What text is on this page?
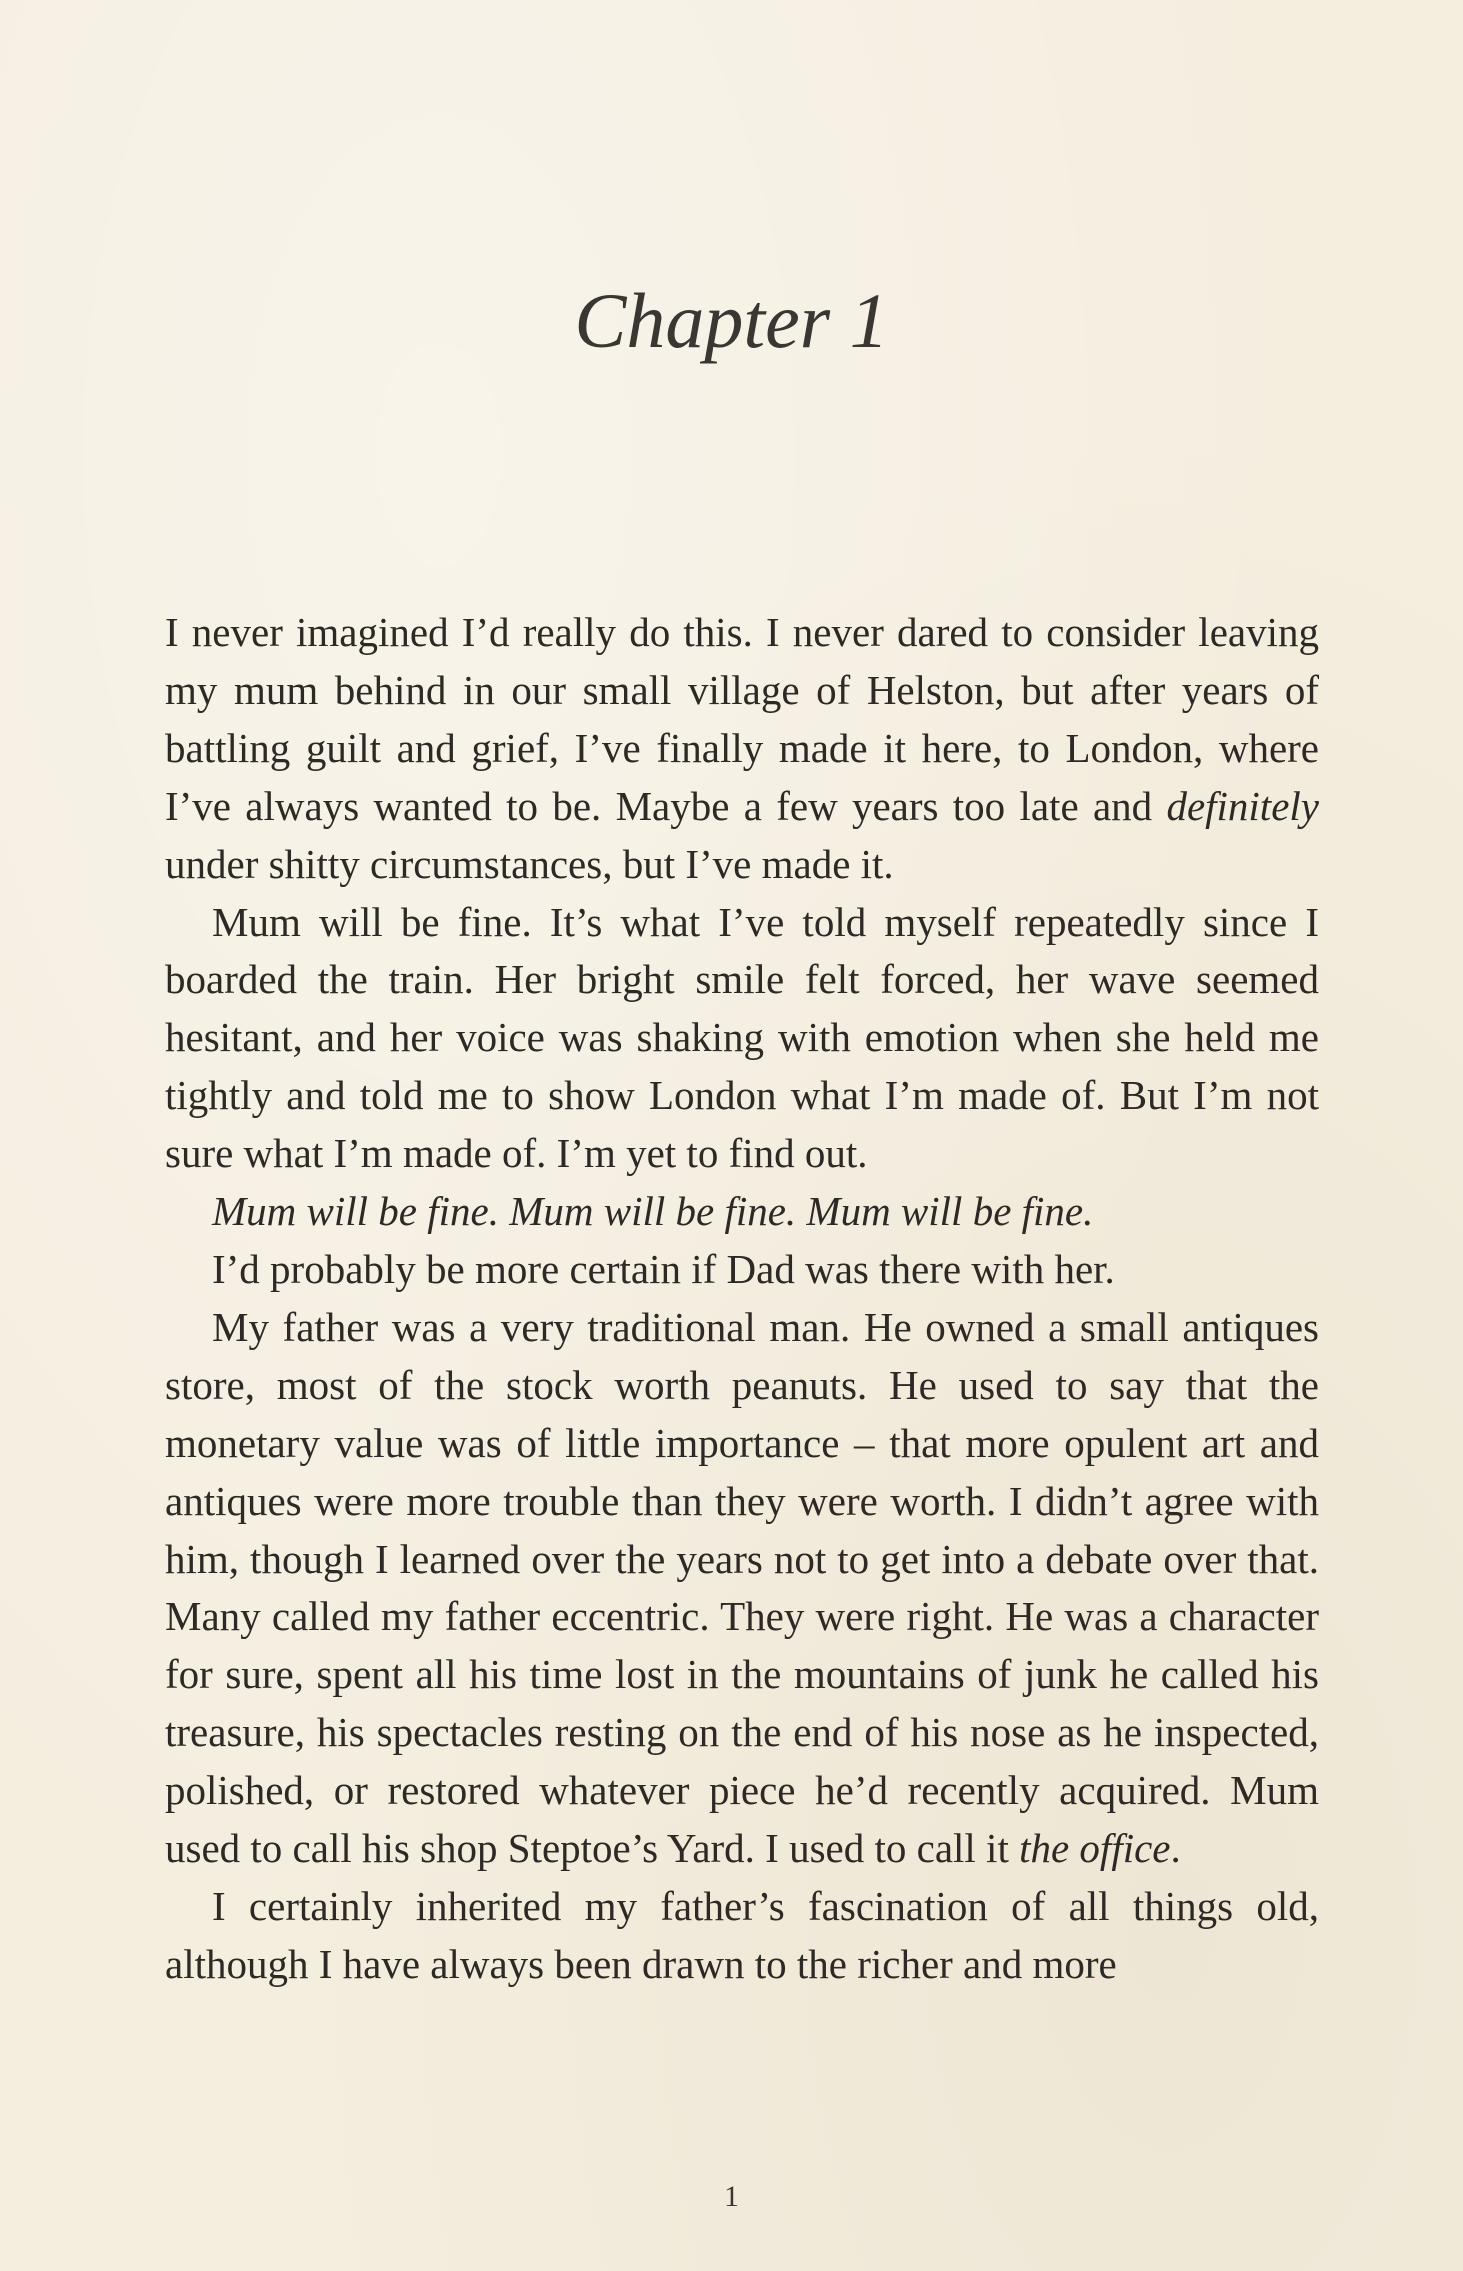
Chapter 1

I never imagined I’d really do this. I never dared to consider leaving my mum behind in our small village of Helston, but after years of battling guilt and grief, I’ve finally made it here, to London, where I’ve always wanted to be. Maybe a few years too late and definitely under shitty circumstances, but I’ve made it.

Mum will be fine. It’s what I’ve told myself repeatedly since I boarded the train. Her bright smile felt forced, her wave seemed hesitant, and her voice was shaking with emotion when she held me tightly and told me to show London what I’m made of. But I’m not sure what I’m made of. I’m yet to find out.

Mum will be fine. Mum will be fine. Mum will be fine.

I’d probably be more certain if Dad was there with her.

My father was a very traditional man. He owned a small antiques store, most of the stock worth peanuts. He used to say that the monetary value was of little importance – that more opulent art and antiques were more trouble than they were worth. I didn’t agree with him, though I learned over the years not to get into a debate over that. Many called my father eccentric. They were right. He was a character for sure, spent all his time lost in the mountains of junk he called his treasure, his spectacles resting on the end of his nose as he inspected, polished, or restored whatever piece he’d recently acquired. Mum used to call his shop Steptoe’s Yard. I used to call it the office.

I certainly inherited my father’s fascination of all things old, although I have always been drawn to the richer and more

1
